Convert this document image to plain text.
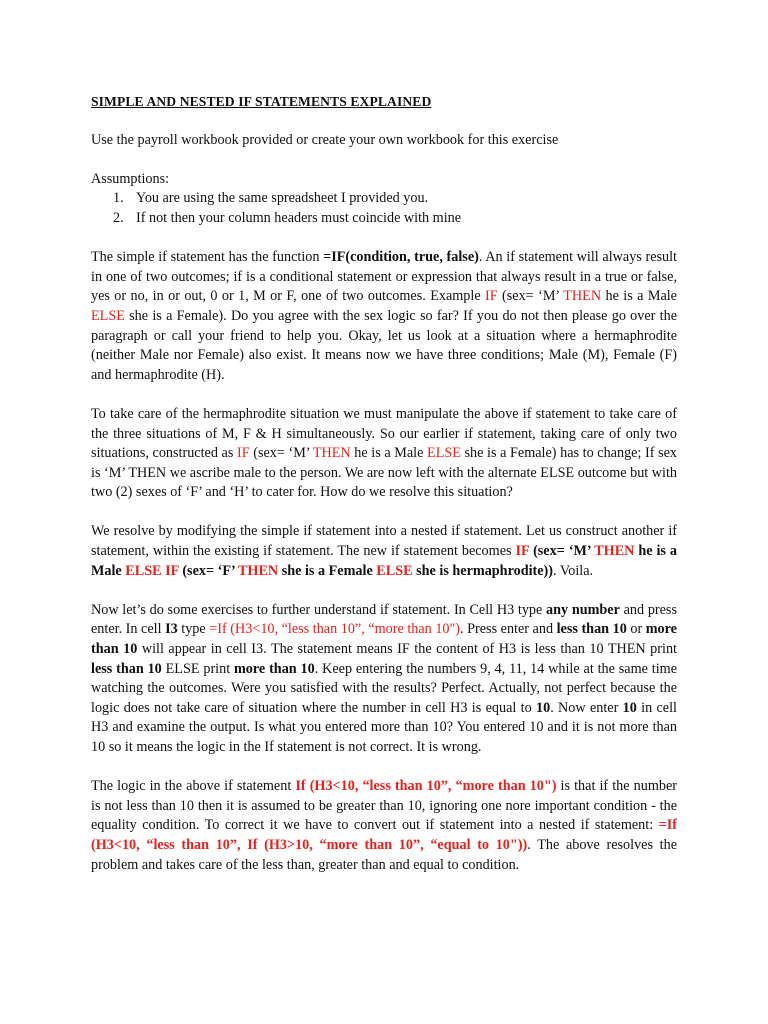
SIMPLE AND NESTED IF STATEMENTS EXPLAINED

Use the payroll workbook provided or create your own workbook for this exercise

Assumptions:
1. You are using the same spreadsheet I provided you.
2. If not then your column headers must coincide with mine

The simple if statement has the function =IF(condition, true, false). An if statement will always result in one of two outcomes; if is a conditional statement or expression that always result in a true or false, yes or no, in or out, 0 or 1, M or F, one of two outcomes. Example IF (sex= ‘M’ THEN he is a Male ELSE she is a Female). Do you agree with the sex logic so far? If you do not then please go over the paragraph or call your friend to help you. Okay, let us look at a situation where a hermaphrodite (neither Male nor Female) also exist. It means now we have three conditions; Male (M), Female (F) and hermaphrodite (H).

To take care of the hermaphrodite situation we must manipulate the above if statement to take care of the three situations of M, F & H simultaneously. So our earlier if statement, taking care of only two situations, constructed as IF (sex= ‘M’ THEN he is a Male ELSE she is a Female) has to change; If sex is ‘M’ THEN we ascribe male to the person. We are now left with the alternate ELSE outcome but with two (2) sexes of ‘F’ and ‘H’ to cater for. How do we resolve this situation?

We resolve by modifying the simple if statement into a nested if statement. Let us construct another if statement, within the existing if statement. The new if statement becomes IF (sex= ‘M’ THEN he is a Male ELSE IF (sex= ‘F’ THEN she is a Female ELSE she is hermaphrodite)). Voila.

Now let’s do some exercises to further understand if statement. In Cell H3 type any number and press enter. In cell I3 type =If (H3<10, “less than 10”, “more than 10"). Press enter and less than 10 or more than 10 will appear in cell I3. The statement means IF the content of H3 is less than 10 THEN print less than 10 ELSE print more than 10. Keep entering the numbers 9, 4, 11, 14 while at the same time watching the outcomes. Were you satisfied with the results? Perfect. Actually, not perfect because the logic does not take care of situation where the number in cell H3 is equal to 10. Now enter 10 in cell H3 and examine the output. Is what you entered more than 10? You entered 10 and it is not more than 10 so it means the logic in the If statement is not correct. It is wrong.

The logic in the above if statement If (H3<10, “less than 10”, “more than 10") is that if the number is not less than 10 then it is assumed to be greater than 10, ignoring one nore important condition - the equality condition. To correct it we have to convert out if statement into a nested if statement: =If (H3<10, “less than 10”, If (H3>10, “more than 10”, “equal to 10")). The above resolves the problem and takes care of the less than, greater than and equal to condition.
